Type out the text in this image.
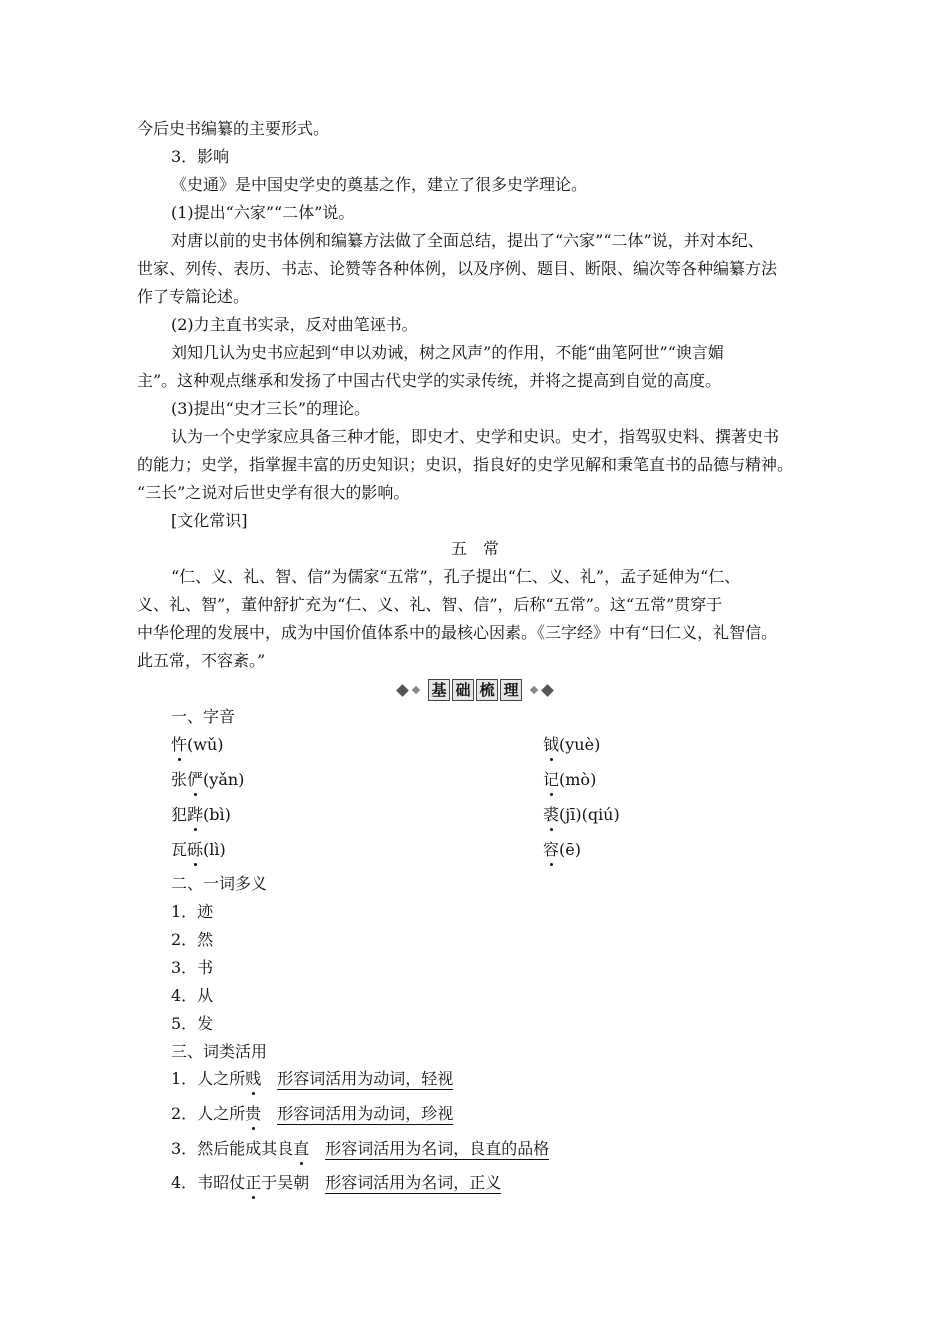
今后史书编纂的主要形式。
3．影响
《史通》是中国史学史的奠基之作，建立了很多史学理论。
(1)提出“六家”“二体”说。
对唐以前的史书体例和编纂方法做了全面总结，提出了“六家”“二体”说，并对本纪、
世家、列传、表历、书志、论赞等各种体例，以及序例、题目、断限、编次等各种编纂方法
作了专篇论述。
(2)力主直书实录，反对曲笔诬书。
刘知几认为史书应起到“申以劝诫，树之风声”的作用，不能“曲笔阿世”“谀言媚
主”。这种观点继承和发扬了中国古代史学的实录传统，并将之提高到自觉的高度。
(3)提出“史才三长”的理论。
认为一个史学家应具备三种才能，即史才、史学和史识。史才，指驾驭史料、撰著史书
的能力；史学，指掌握丰富的历史知识；史识，指良好的史学见解和秉笔直书的品德与精神。
“三长”之说对后世史学有很大的影响。
[文化常识]
五　常
“仁、义、礼、智、信”为儒家“五常”，孔子提出“仁、义、礼”，孟子延伸为“仁、
义、礼、智”，董仲舒扩充为“仁、义、礼、智、信”，后称“五常”。这“五常”贯穿于
中华伦理的发展中，成为中国价值体系中的最核心因素。《三字经》中有“曰仁义，礼智信。
此五常，不容紊。”
基 础 梳 理
一、字音
忤(wǔ)	钺(yuè)
张俨(yǎn)	记(mò)
犯跸(bì)	裘(jī)(qiú)
瓦砾(lì)	容(ē)
二、一词多义
1．迹
2．然
3．书
4．从
5．发
三、词类活用
1．人之所贱 形容词活用为动词，轻视
2．人之所贵 形容词活用为动词，珍视
3．然后能成其良直 形容词活用为名词，良直的品格
4．韦昭仗正于吴朝 形容词活用为名词，正义
